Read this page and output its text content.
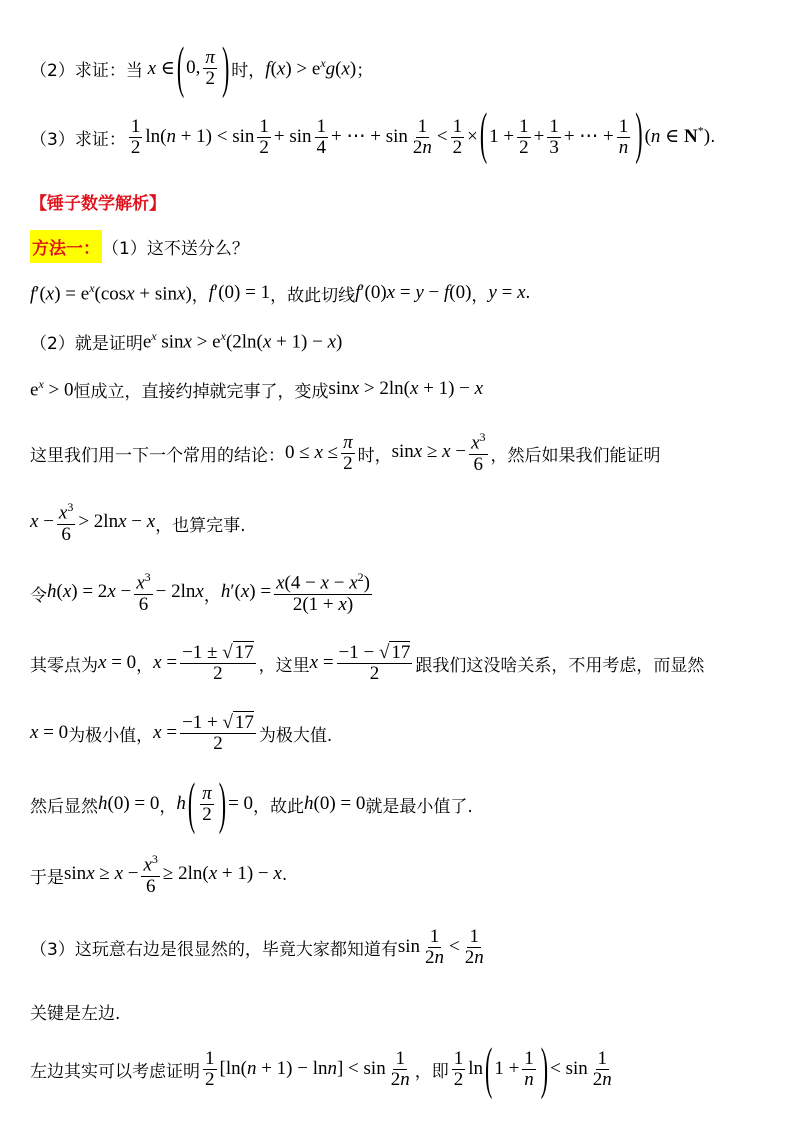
（2）求证：当 x ∈ ( 0, $\frac{\pi}{2}$ ) 时， $f(x) > e^xg(x)$ ；
（3）求证： $\frac{1}{2} \ln(n + 1) < \sin \frac{1}{2} + \sin \frac{1}{4}$ + ⋯ + $\sin \frac{1}{2n} < \frac{1}{2}$ ×( $1 + \frac{1}{2} + \frac{1}{3}$ + ⋯ + $\frac{1}{n}$ ) (n ∈ N*) .
【锤子数学解析】
方法一： （1）这不送分么？
$f'(x) = e^x(\cos x + \sin x)$ ， f′(0) = 1 ，故此切线 f′(0)x = y − f(0) ， y = x.
（2）就是证明 $e^x$ $\sin x > e^x(2\ln(x + 1) - x)$
$e^x > 0$ 恒成立，直接约掉就完事了，变成 sinx > 2ln(x + 1) − x
这里我们用一下一个常用的结论： $0 \le x \le \frac{\pi}{2}$ 时， $\sin x \ge x - \frac{x^3}{6}$ ，然后如果我们能证明
$x - \frac{x^3}{6} > 2\ln x - x$ ，也算完事.
令 $h(x) = 2x - \frac{x^3}{6} - 2\ln x$ ， $h'(x) = \frac{x(4 - x - x^2)}{2(1 + x)}$
其零点为 x = 0 ， $x = \frac{-1 \pm √ 17}{2}$ ，这里 $x = \frac{-1 - √ 17}{2}$ 跟我们这没啥关系，不用考虑，而显然
x = 0 为极小值， $x = \frac{-1 + √ 17}{2}$ 为极大值.
然后显然 h(0) = 0 ， h ( $\frac{\pi}{2}$ ) = 0 ，故此 h(0) = 0 就是最小值了.
于是 $\sin x \ge x - \frac{x^3}{6} \ge 2\ln(x + 1) - x$ .
（3）这玩意右边是很显然的，毕竟大家都知道有 $\sin \frac{1}{2n} < \frac{1}{2n}$
关键是左边.
左边其实可以考虑证明 $\frac{1}{2} [\ln(n + 1) - \ln n] < \sin \frac{1}{2n}$ ，即 $\frac{1}{2}$ ln ( $1 + \frac{1}{n}$ ) < $\sin \frac{1}{2n}$
